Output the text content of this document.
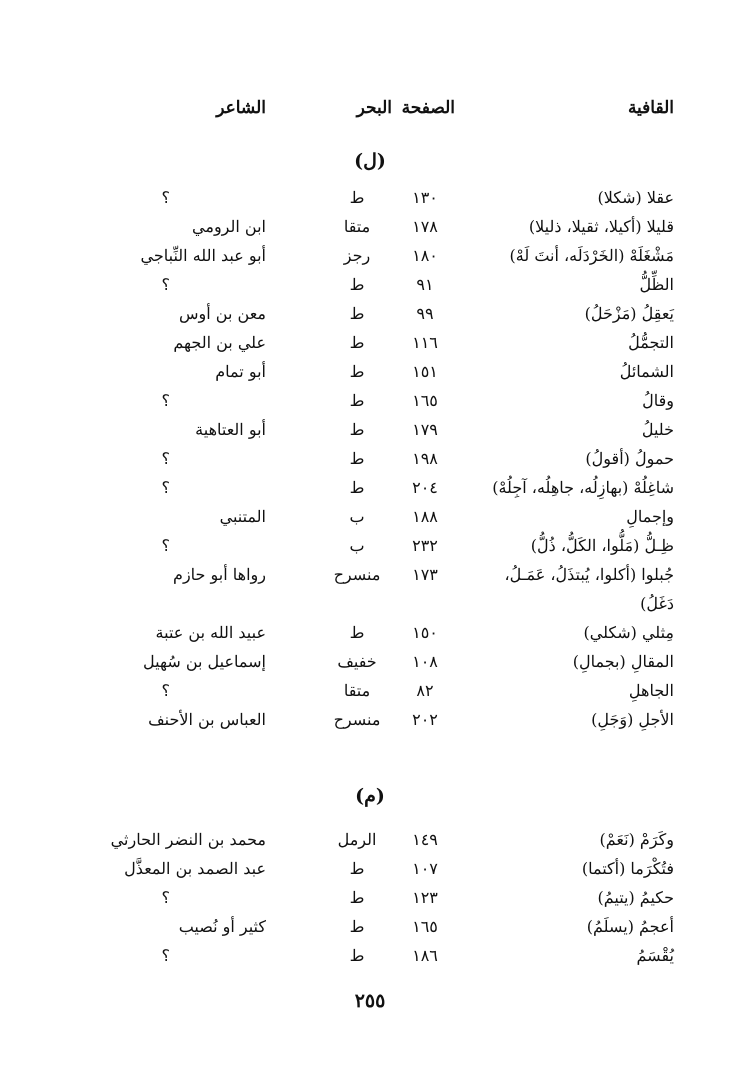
القافية
الصفحة
البحر
الشاعر
(ل)
عقلا (شكلا)
١٣٠
ط
؟
قليلا (أكيلا، ثقيلا، ذليلا)
١٧٨
متقا
ابن الرومي
مَشْغَلَهْ (الخَرْدَلَه، أنتَ لَهْ)
١٨٠
رجز
أبو عبد الله النِّباجي
الظِّلُّ
٩١
ط
؟
يَعقِلُ (مَزْحَلُ)
٩٩
ط
معن بن أوس
التجمُّلُ
١١٦
ط
علي بن الجهم
الشمائلُ
١٥١
ط
أبو تمام
وقالُ
١٦٥
ط
؟
خليلُ
١٧٩
ط
أبو العتاهية
حمولُ (أقولُ)
١٩٨
ط
؟
شاغِلُهْ (بهازِلُه، جاهِلُه، آجِلُهْ)
٢٠٤
ط
؟
وإجمالِ
١٨٨
ب
المتنبي
ظِـلُّ (مَلُّوا، الكَلُّ، ذُلُّ)
٢٣٢
ب
؟
جُبلوا (أكلوا، يُبتذَلُ، عَمَـلُ،
١٧٣
منسرح
رواها أبو حازم
دَغَلُ)
مِثلي (شكلي)
١٥٠
ط
عبيد الله بن عتبة
المقالِ (بجمالِ)
١٠٨
خفيف
إسماعيل بن سُهيل
الجاهلِ
٨٢
متقا
؟
الأجلِ (وَجَلِ)
٢٠٢
منسرح
العباس بن الأحنف
(م)
وكَرَمْ (نَعَمْ)
١٤٩
الرمل
محمد بن النضر الحارثي
فتُكْرَما (أكتما)
١٠٧
ط
عبد الصمد بن المعذَّل
حكيمُ (يتيمُ)
١٢٣
ط
؟
أعجمُ (يسلَمُ)
١٦٥
ط
كثير أو نُصيب
يُقْسَمُ
١٨٦
ط
؟
٢٥٥
